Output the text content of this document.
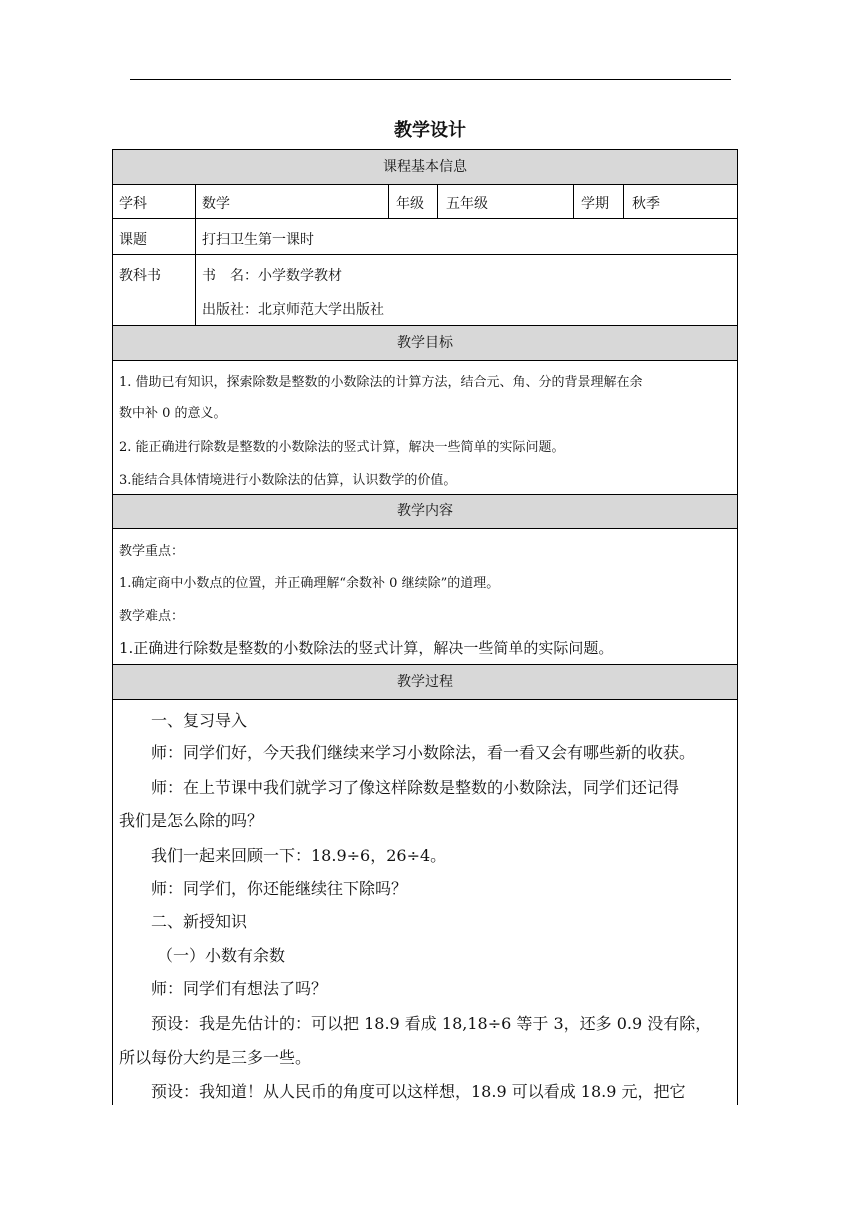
教学设计
课程基本信息
学科	数学	年级 五年级	学期 秋季
课题	打扫卫生第一课时
教科书	书　名：小学数学教材
出版社：北京师范大学出版社
教学目标
1. 借助已有知识，探索除数是整数的小数除法的计算方法，结合元、角、分的背景理解在余
数中补 0 的意义。
2. 能正确进行除数是整数的小数除法的竖式计算，解决一些简单的实际问题。
3.能结合具体情境进行小数除法的估算，认识数学的价值。
教学内容
教学重点：
1.确定商中小数点的位置，并正确理解“余数补 0 继续除”的道理。
教学难点：
1.正确进行除数是整数的小数除法的竖式计算，解决一些简单的实际问题。
教学过程
一、复习导入
师：同学们好，今天我们继续来学习小数除法，看一看又会有哪些新的收获。
师：在上节课中我们就学习了像这样除数是整数的小数除法，同学们还记得
我们是怎么除的吗？
我们一起来回顾一下：18.9÷6，26÷4。
师：同学们，你还能继续往下除吗？
二、新授知识
（一）小数有余数
师：同学们有想法了吗？
预设：我是先估计的：可以把 18.9 看成 18,18÷6 等于 3，还多 0.9 没有除，
所以每份大约是三多一些。
预设：我知道！从人民币的角度可以这样想，18.9 可以看成 18.9 元，把它
